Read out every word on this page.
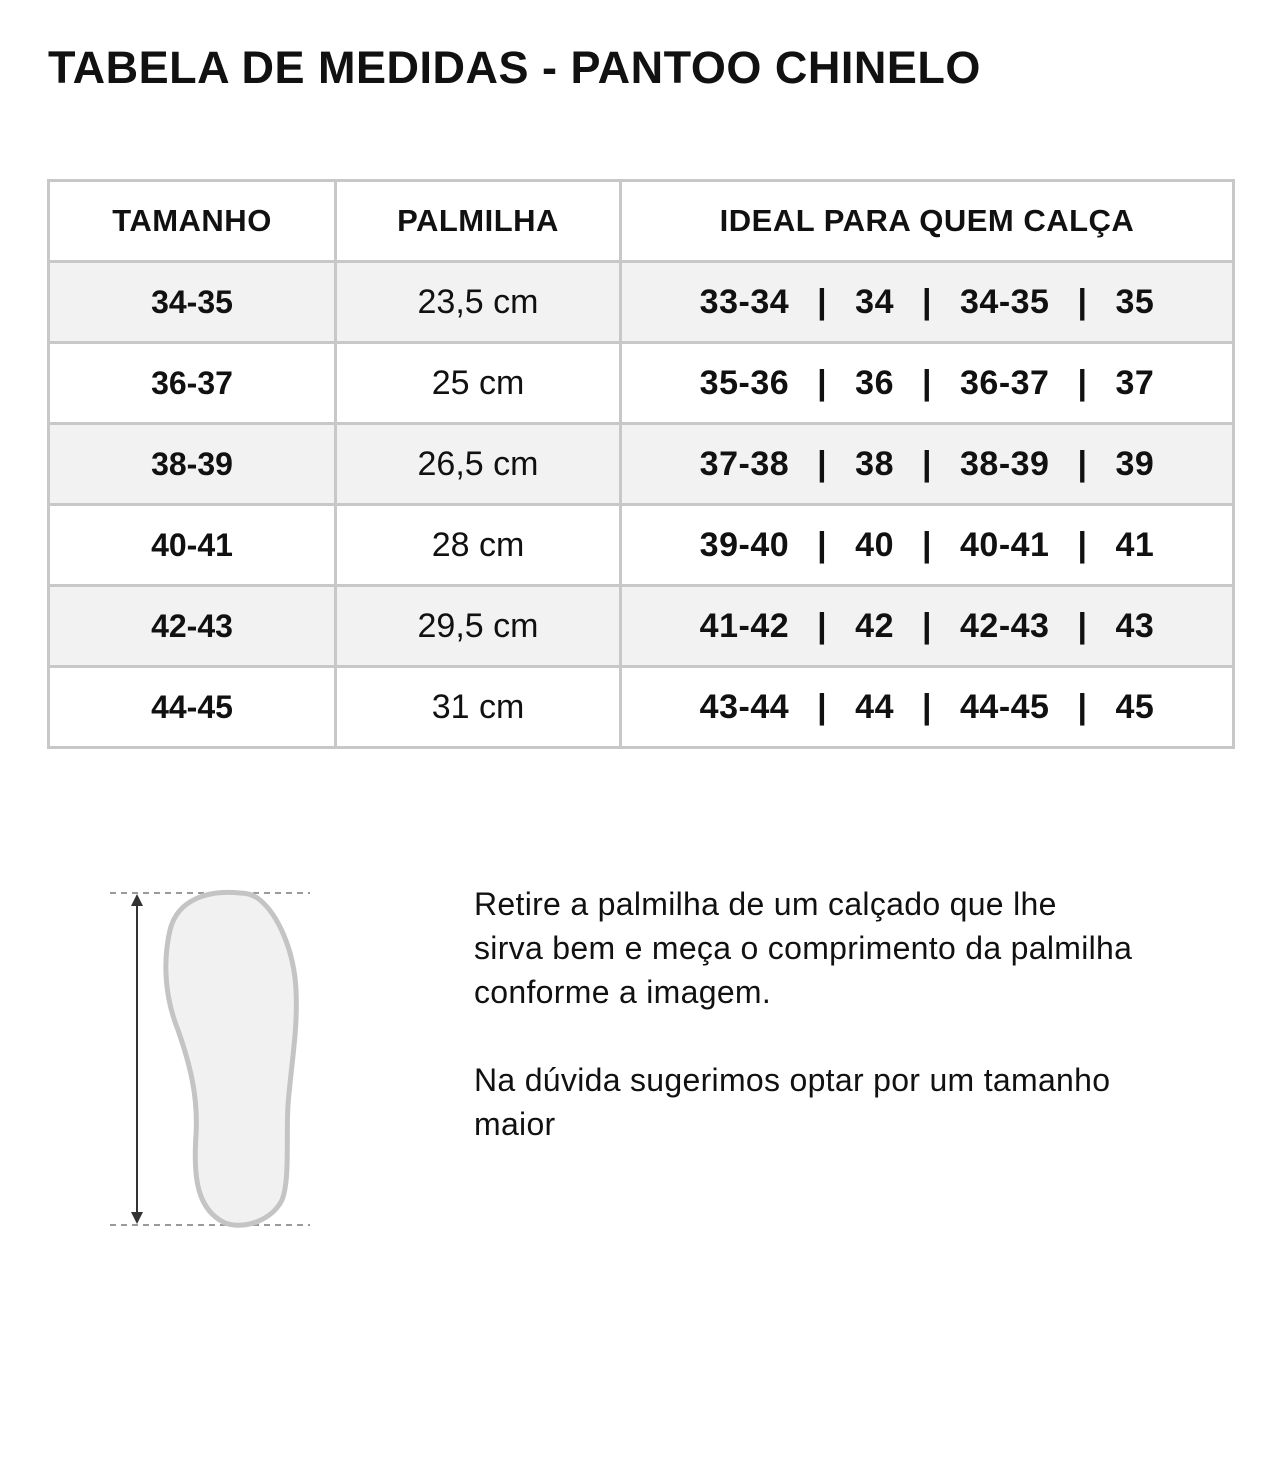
TABELA DE MEDIDAS - PANTOO CHINELO
TAMANHO	PALMILHA	IDEAL PARA QUEM CALÇA
34-35	23,5 cm	33-34 | 34 | 34-35 | 35
36-37	25 cm	35-36 | 36 | 36-37 | 37
38-39	26,5 cm	37-38 | 38 | 38-39 | 39
40-41	28 cm	39-40 | 40 | 40-41 | 41
42-43	29,5 cm	41-42 | 42 | 42-43 | 43
44-45	31 cm	43-44 | 44 | 44-45 | 45

Retire a palmilha de um calçado que lhe sirva bem e meça o comprimento da palmilha conforme a imagem.

Na dúvida sugerimos optar por um tamanho maior
